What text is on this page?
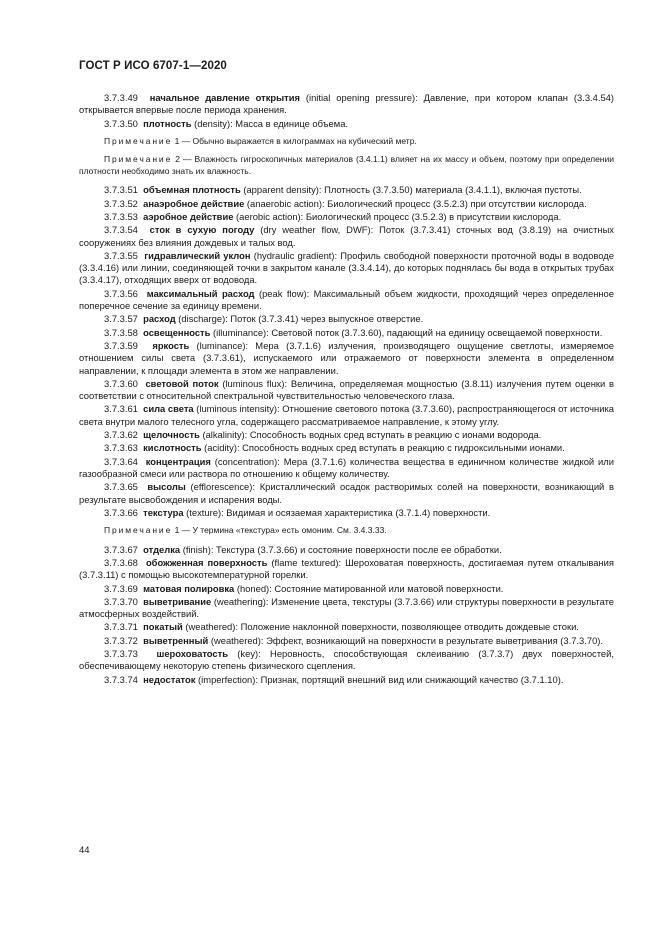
ГОСТ Р ИСО 6707-1—2020

3.7.3.49 начальное давление открытия (initial opening pressure): Давление, при котором клапан (3.3.4.54) открывается впервые после периода хранения.

3.7.3.50 плотность (density): Масса в единице объема.

Примечание 1 — Обычно выражается в килограммах на кубический метр.

Примечание 2 — Влажность гигроскопичных материалов (3.4.1.1) влияет на их массу и объем, поэтому при определении плотности необходимо знать их влажность.

3.7.3.51 объемная плотность (apparent density): Плотность (3.7.3.50) материала (3.4.1.1), включая пустоты.

3.7.3.52 анаэробное действие (anaerobic action): Биологический процесс (3.5.2.3) при отсутствии кислорода.

3.7.3.53 аэробное действие (aerobic action): Биологический процесс (3.5.2.3) в присутствии кислорода.

3.7.3.54 сток в сухую погоду (dry weather flow, DWF): Поток (3.7.3.41) сточных вод (3.8.19) на очистных сооружениях без влияния дождевых и талых вод.

3.7.3.55 гидравлический уклон (hydraulic gradient): Профиль свободной поверхности проточной воды в водоводе (3.3.4.16) или линии, соединяющей точки в закрытом канале (3.3.4.14), до которых поднялась бы вода в открытых трубах (3.3.4.17), отходящих вверх от водовода.

3.7.3.56 максимальный расход (peak flow): Максимальный объем жидкости, проходящий через определенное поперечное сечение за единицу времени.

3.7.3.57 расход (discharge): Поток (3.7.3.41) через выпускное отверстие.

3.7.3.58 освещенность (illuminance): Световой поток (3.7.3.60), падающий на единицу освещаемой поверхности.

3.7.3.59 яркость (luminance): Мера (3.7.1.6) излучения, производящего ощущение светлоты, измеряемое отношением силы света (3.7.3.61), испускаемого или отражаемого от поверхности элемента в определенном направлении, к площади элемента в этом же направлении.

3.7.3.60 световой поток (luminous flux): Величина, определяемая мощностью (3.8.11) излучения путем оценки в соответствии с относительной спектральной чувствительностью человеческого глаза.

3.7.3.61 сила света (luminous intensity): Отношение светового потока (3.7.3.60), распространяющегося от источника света внутри малого телесного угла, содержащего рассматриваемое направление, к этому углу.

3.7.3.62 щелочность (alkalinity): Способность водных сред вступать в реакцию с ионами водорода.

3.7.3.63 кислотность (acidity): Способность водных сред вступать в реакцию с гидроксильными ионами.

3.7.3.64 концентрация (concentration): Мера (3.7.1.6) количества вещества в единичном количестве жидкой или газообразной смеси или раствора по отношению к общему количеству.

3.7.3.65 высолы (efflorescence): Кристаллический осадок растворимых солей на поверхности, возникающий в результате высвобождения и испарения воды.

3.7.3.66 текстура (texture): Видимая и осязаемая характеристика (3.7.1.4) поверхности.

Примечание 1 — У термина «текстура» есть омоним. См. 3.4.3.33.

3.7.3.67 отделка (finish): Текстура (3.7.3.66) и состояние поверхности после ее обработки.

3.7.3.68 обожженная поверхность (flame textured): Шероховатая поверхность, достигаемая путем откалывания (3.7.3.11) с помощью высокотемпературной горелки.

3.7.3.69 матовая полировка (honed): Состояние матированной или матовой поверхности.

3.7.3.70 выветривание (weathering): Изменение цвета, текстуры (3.7.3.66) или структуры поверхности в результате атмосферных воздействий.

3.7.3.71 покатый (weathered): Положение наклонной поверхности, позволяющее отводить дождевые стоки.

3.7.3.72 выветренный (weathered): Эффект, возникающий на поверхности в результате выветривания (3.7.3.70).

3.7.3.73 шероховатость (key): Неровность, способствующая склеиванию (3.7.3.7) двух поверхностей, обеспечивающему некоторую степень физического сцепления.

3.7.3.74 недостаток (imperfection): Признак, портящий внешний вид или снижающий качество (3.7.1.10).

44
